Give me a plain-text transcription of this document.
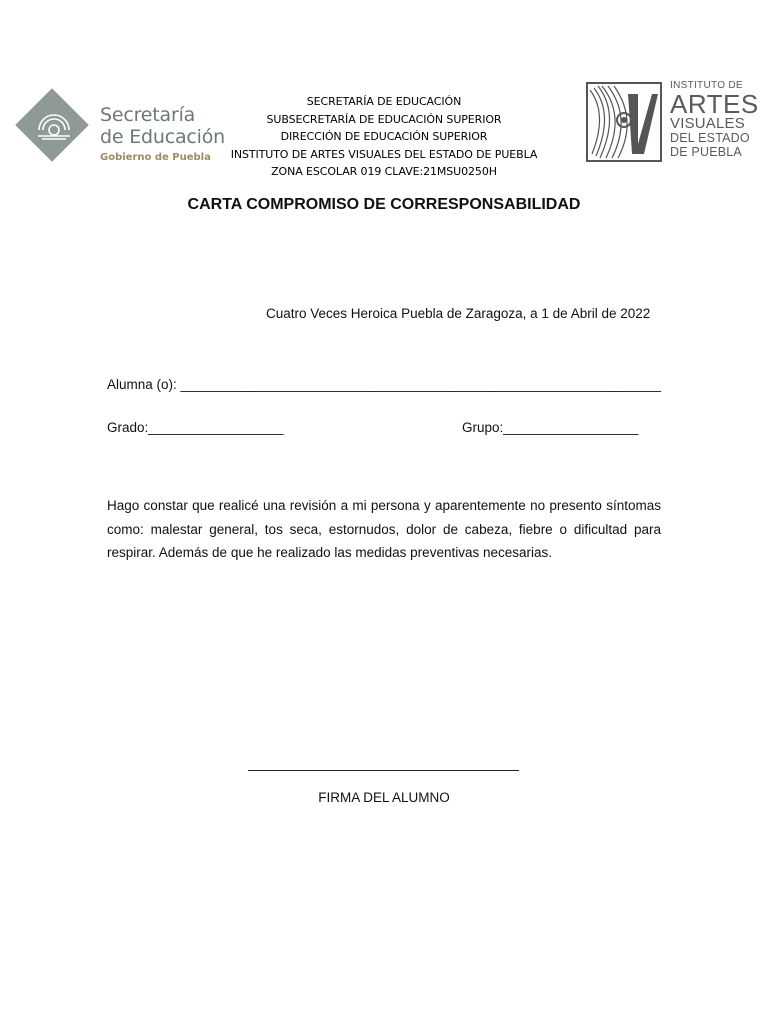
Secretaría
de Educación
Gobierno de Puebla
SECRETARÍA DE EDUCACIÓN
SUBSECRETARÍA DE EDUCACIÓN SUPERIOR
DIRECCIÓN DE EDUCACIÓN SUPERIOR
INSTITUTO DE ARTES VISUALES DEL ESTADO DE PUEBLA
ZONA ESCOLAR 019 CLAVE:21MSU0250H
INSTITUTO DE
ARTES
VISUALES
DEL ESTADO
DE PUEBLA
CARTA COMPROMISO DE CORRESPONSABILIDAD
Cuatro Veces Heroica Puebla de Zaragoza, a 1 de Abril de 2022
Alumna (o): ________________________________________________________________
Grado:__________________	Grupo:__________________
Hago constar que realicé una revisión a mi persona y aparentemente no presento síntomas como: malestar general, tos seca, estornudos, dolor de cabeza, fiebre o dificultad para respirar. Además de que he realizado las medidas preventivas necesarias.
FIRMA DEL ALUMNO
